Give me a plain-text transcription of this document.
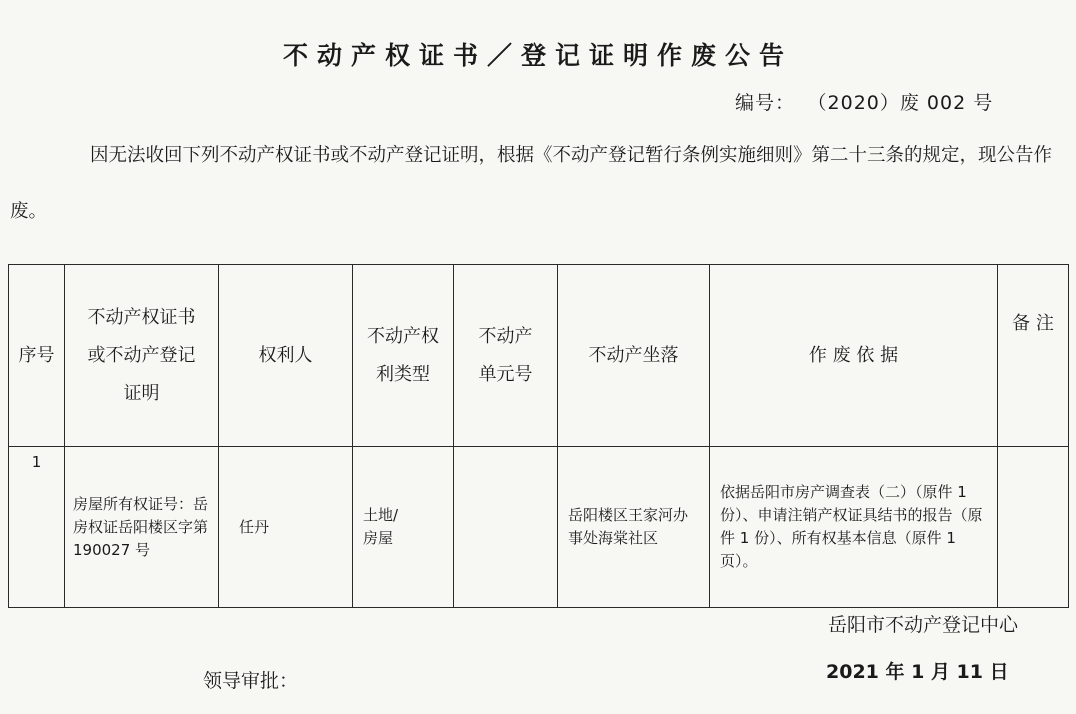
不动产权证书／登记证明作废公告
编号： （2020）废 002 号
因无法收回下列不动产权证书或不动产登记证明，根据《不动产登记暂行条例实施细则》第二十三条的规定，现公告作废。
序号	不动产权证书或不动产登记证明	权利人	不动产权利类型	不动产单元号	不动产坐落	作 废 依 据	备 注
1	房屋所有权证号：岳房权证岳阳楼区字第 190027 号	任丹	土地/房屋		岳阳楼区王家河办事处海棠社区	依据岳阳市房产调查表（二）（原件 1 份）、申请注销产权证具结书的报告（原件 1 份）、所有权基本信息（原件 1 页）。	
岳阳市不动产登记中心
领导审批：	2021 年 1 月 11 日
